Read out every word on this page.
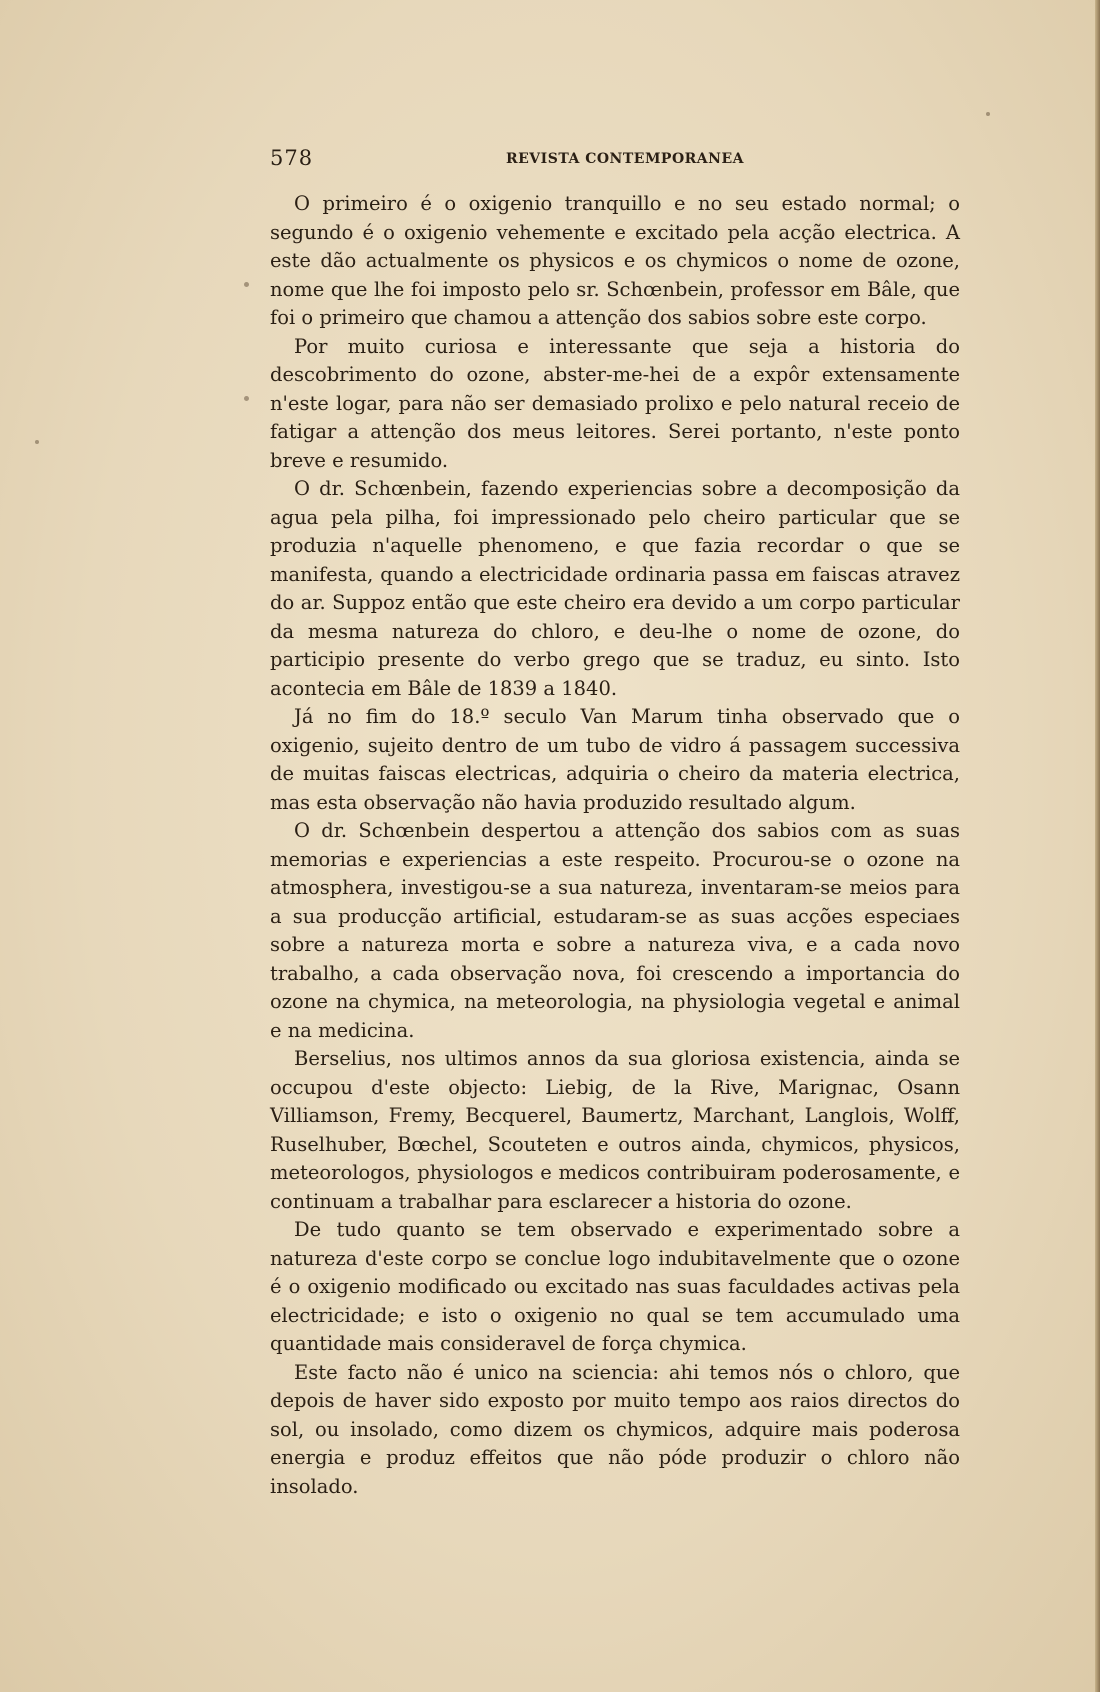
578	REVISTA CONTEMPORANEA

O primeiro é o oxigenio tranquillo e no seu estado normal; o segundo é o oxigenio vehemente e excitado pela acção electrica. A este dão actualmente os physicos e os chymicos o nome de ozone, nome que lhe foi imposto pelo sr. Schœnbein, professor em Bâle, que foi o primeiro que chamou a attenção dos sabios sobre este corpo.

Por muito curiosa e interessante que seja a historia do descobrimento do ozone, abster-me-hei de a expôr extensamente n'este logar, para não ser demasiado prolixo e pelo natural receio de fatigar a attenção dos meus leitores. Serei portanto, n'este ponto breve e resumido.

O dr. Schœnbein, fazendo experiencias sobre a decomposição da agua pela pilha, foi impressionado pelo cheiro particular que se produzia n'aquelle phenomeno, e que fazia recordar o que se manifesta, quando a electricidade ordinaria passa em faiscas atravez do ar. Suppoz então que este cheiro era devido a um corpo particular da mesma natureza do chloro, e deu-lhe o nome de ozone, do participio presente do verbo grego que se traduz, eu sinto. Isto acontecia em Bâle de 1839 a 1840.

Já no fim do 18.º seculo Van Marum tinha observado que o oxigenio, sujeito dentro de um tubo de vidro á passagem successiva de muitas faiscas electricas, adquiria o cheiro da materia electrica, mas esta observação não havia produzido resultado algum.

O dr. Schœnbein despertou a attenção dos sabios com as suas memorias e experiencias a este respeito. Procurou-se o ozone na atmosphera, investigou-se a sua natureza, inventaram-se meios para a sua producção artificial, estudaram-se as suas acções especiaes sobre a natureza morta e sobre a natureza viva, e a cada novo trabalho, a cada observação nova, foi crescendo a importancia do ozone na chymica, na meteorologia, na physiologia vegetal e animal e na medicina.

Berselius, nos ultimos annos da sua gloriosa existencia, ainda se occupou d'este objecto: Liebig, de la Rive, Marignac, Osann Villiamson, Fremy, Becquerel, Baumertz, Marchant, Langlois, Wolff, Ruselhuber, Bœchel, Scouteten e outros ainda, chymicos, physicos, meteorologos, physiologos e medicos contribuiram poderosamente, e continuam a trabalhar para esclarecer a historia do ozone.

De tudo quanto se tem observado e experimentado sobre a natureza d'este corpo se conclue logo indubitavelmente que o ozone é o oxigenio modificado ou excitado nas suas faculdades activas pela electricidade; e isto o oxigenio no qual se tem accumulado uma quantidade mais consideravel de força chymica.

Este facto não é unico na sciencia: ahi temos nós o chloro, que depois de haver sido exposto por muito tempo aos raios directos do sol, ou insolado, como dizem os chymicos, adquire mais poderosa energia e produz effeitos que não póde produzir o chloro não insolado.
